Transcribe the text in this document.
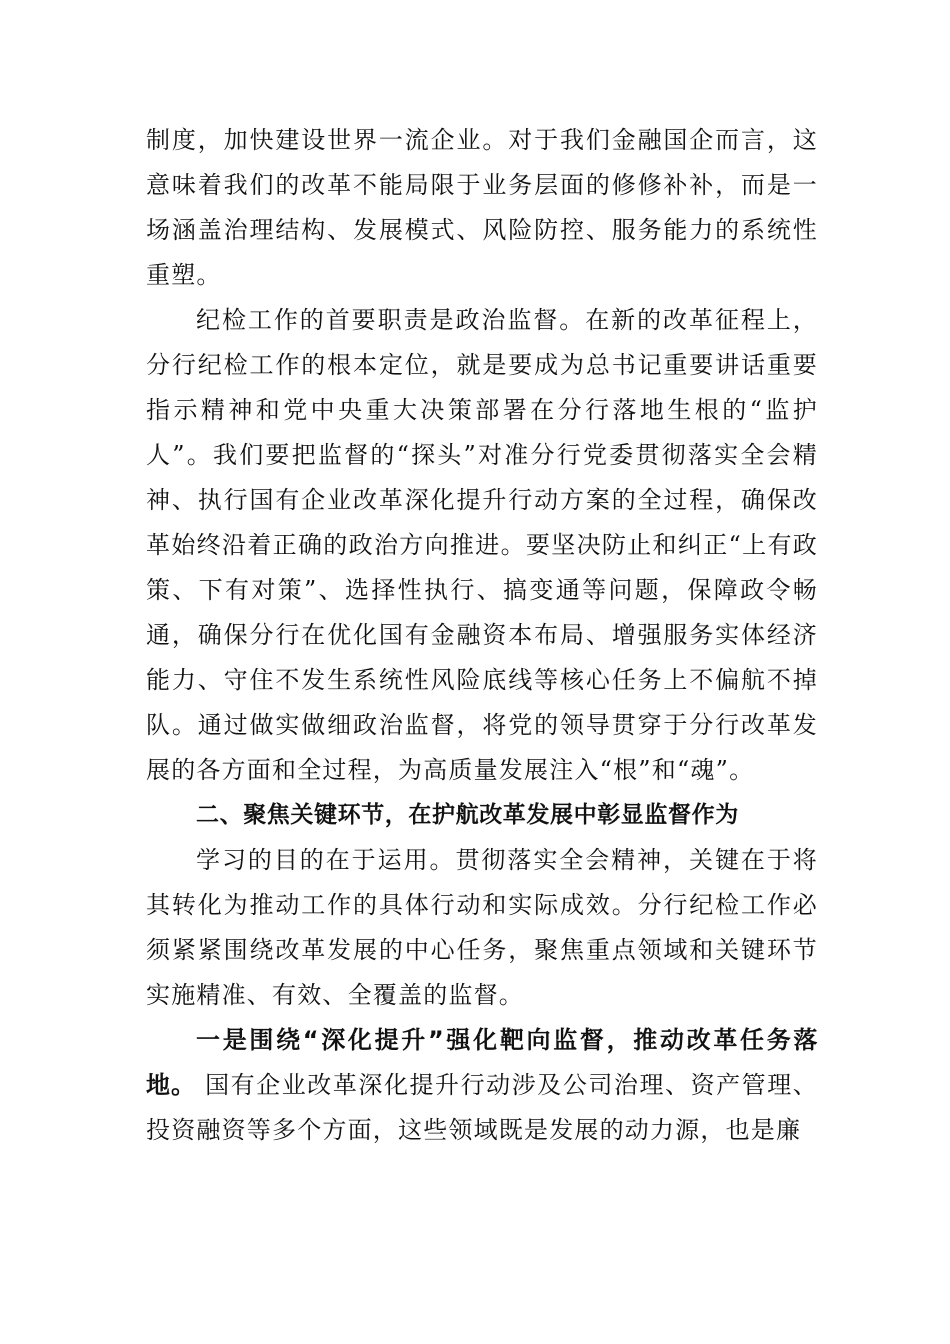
制度，加快建设世界一流企业。对于我们金融国企而言，这意味着我们的改革不能局限于业务层面的修修补补，而是一场涵盖治理结构、发展模式、风险防控、服务能力的系统性重塑。

纪检工作的首要职责是政治监督。在新的改革征程上，分行纪检工作的根本定位，就是要成为总书记重要讲话重要指示精神和党中央重大决策部署在分行落地生根的“监护人”。我们要把监督的“探头”对准分行党委贯彻落实全会精神、执行国有企业改革深化提升行动方案的全过程，确保改革始终沿着正确的政治方向推进。要坚决防止和纠正“上有政策、下有对策”、选择性执行、搞变通等问题，保障政令畅通，确保分行在优化国有金融资本布局、增强服务实体经济能力、守住不发生系统性风险底线等核心任务上不偏航不掉队。通过做实做细政治监督，将党的领导贯穿于分行改革发展的各方面和全过程，为高质量发展注入“根”和“魂”。

二、聚焦关键环节，在护航改革发展中彰显监督作为

学习的目的在于运用。贯彻落实全会精神，关键在于将其转化为推动工作的具体行动和实际成效。分行纪检工作必须紧紧围绕改革发展的中心任务，聚焦重点领域和关键环节实施精准、有效、全覆盖的监督。

一是围绕“深化提升”强化靶向监督，推动改革任务落地。 国有企业改革深化提升行动涉及公司治理、资产管理、投资融资等多个方面，这些领域既是发展的动力源，也是廉
